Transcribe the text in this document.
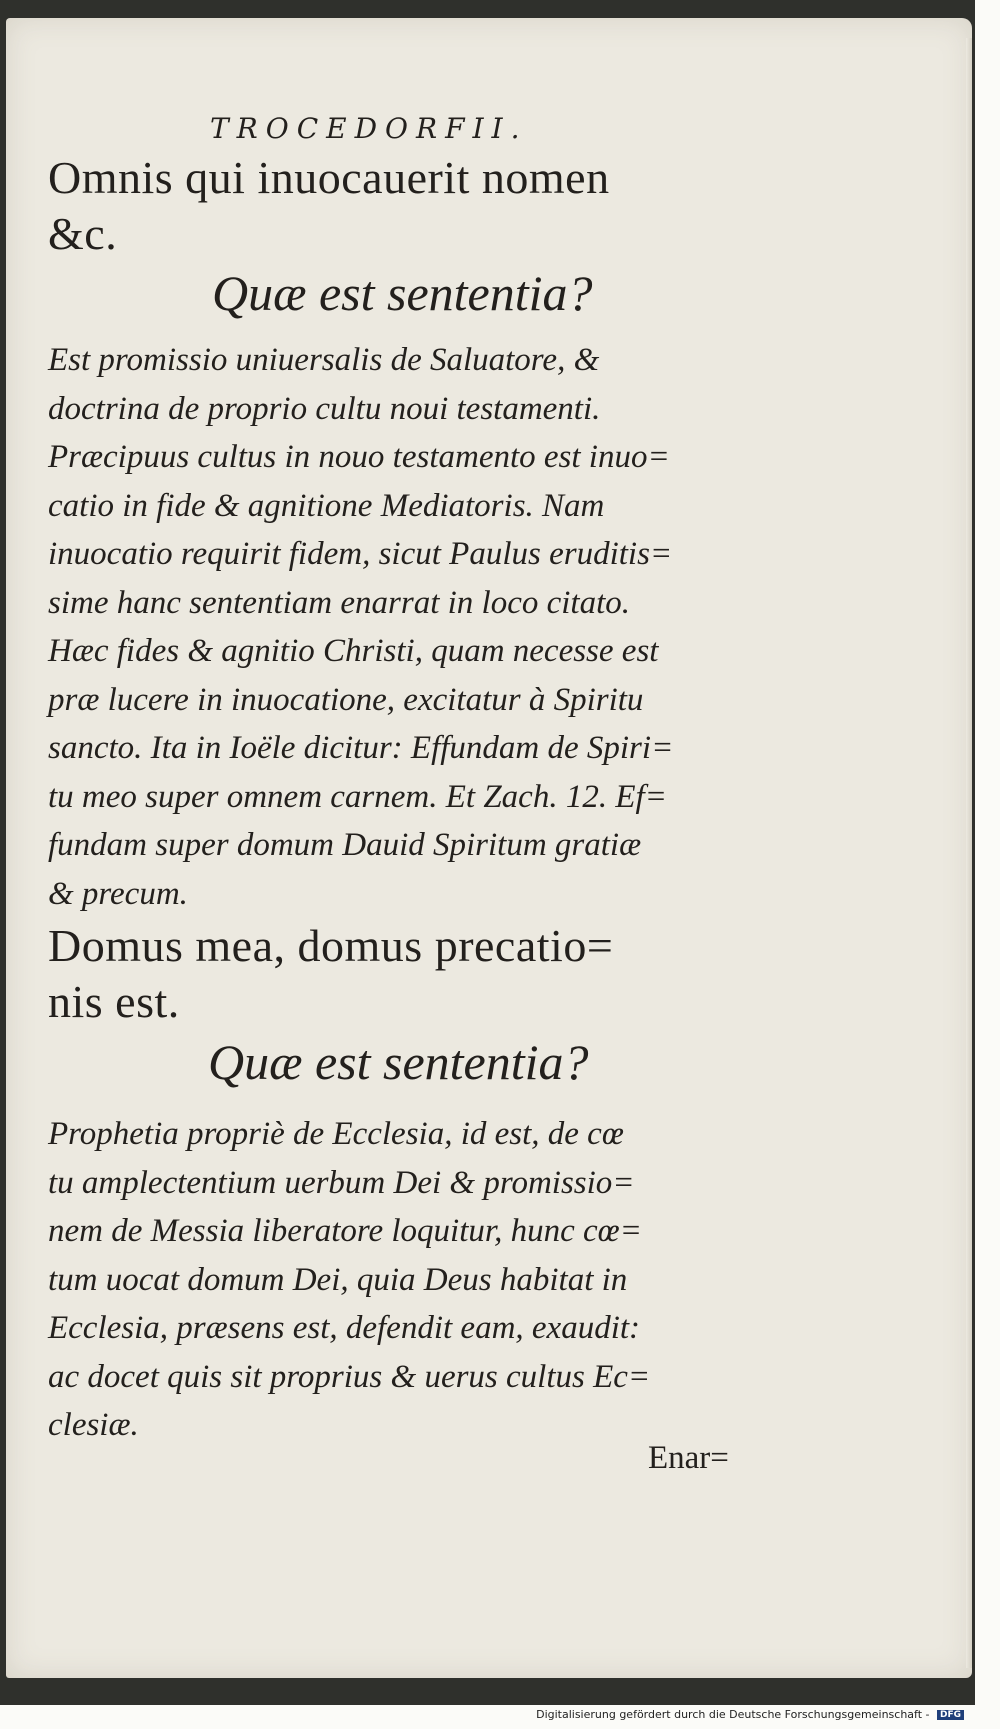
TROCEDORFII.

Omnis qui inuocauerit nomen
&c.

Quæ est sententia?

Est promissio uniuersalis de Saluatore, &
doctrina de proprio cultu noui testamenti.
Præcipuus cultus in nouo testamento est inuo=
catio in fide & agnitione Mediatoris. Nam
inuocatio requirit fidem, sicut Paulus eruditis=
sime hanc sententiam enarrat in loco citato.
Hæc fides & agnitio Christi, quam necesse est
præ lucere in inuocatione, excitatur à Spiritu
sancto. Ita in Ioële dicitur: Effundam de Spiri=
tu meo super omnem carnem. Et Zach. 12. Ef=
fundam super domum Dauid Spiritum gratiæ
& precum.

Domus mea, domus precatio=
nis est.

Quæ est sententia?

Prophetia propriè de Ecclesia, id est, de cœ
tu amplectentium uerbum Dei & promissio=
nem de Messia liberatore loquitur, hunc cœ=
tum uocat domum Dei, quia Deus habitat in
Ecclesia, præsens est, defendit eam, exaudit:
ac docet quis sit proprius & uerus cultus Ec=
clesiæ.

Enar=

Digitalisierung gefördert durch die Deutsche Forschungsgemeinschaft - DFG
